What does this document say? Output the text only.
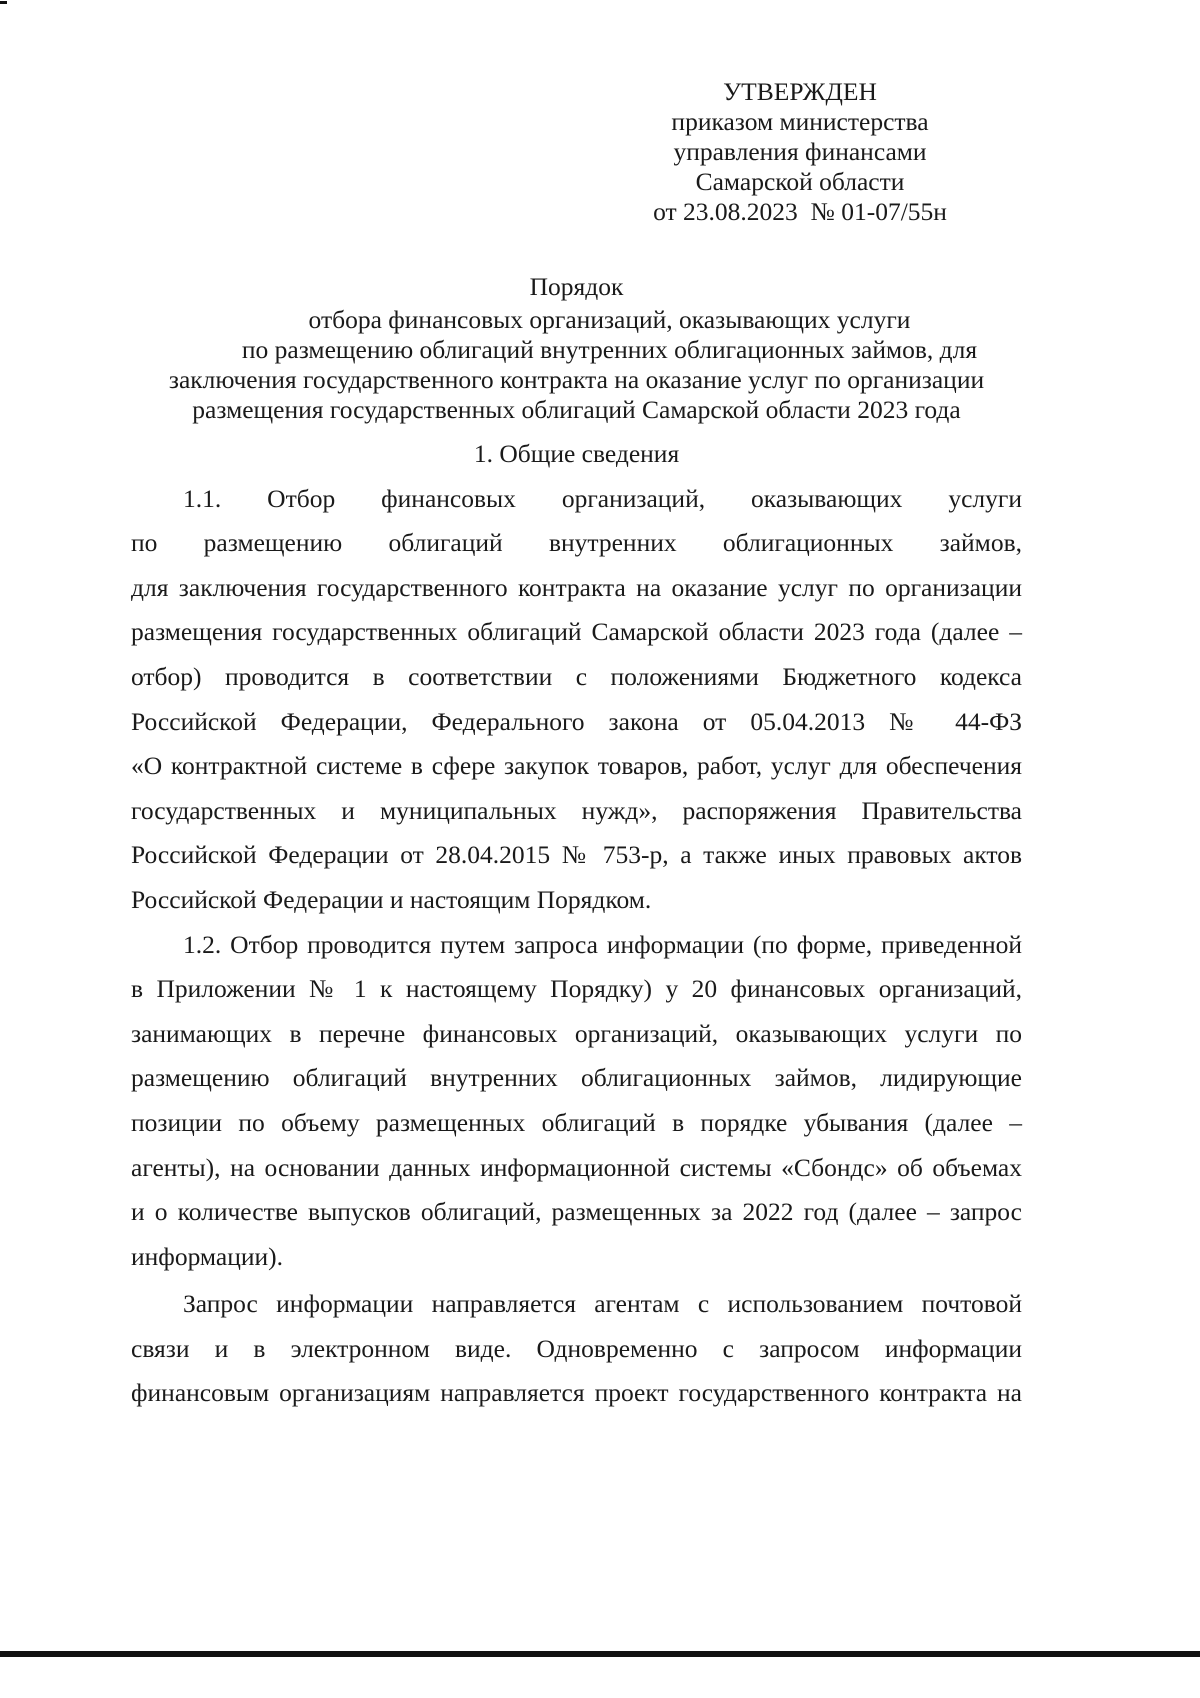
УТВЕРЖДЕН
приказом министерства
управления финансами
Самарской области
от 23.08.2023  № 01-07/55н
Порядок
отбора финансовых организаций, оказывающих услуги
по размещению облигаций внутренних облигационных займов, для
заключения государственного контракта на оказание услуг по организации
размещения государственных облигаций Самарской области 2023 года
1. Общие сведения
1.1. Отбор финансовых организаций, оказывающих услуги
по размещению облигаций внутренних облигационных займов,
для заключения государственного контракта на оказание услуг по организации
размещения государственных облигаций Самарской области 2023 года (далее –
отбор) проводится в соответствии с положениями Бюджетного кодекса
Российской Федерации, Федерального закона от 05.04.2013 № 44-ФЗ
«О контрактной системе в сфере закупок товаров, работ, услуг для обеспечения
государственных и муниципальных нужд», распоряжения Правительства
Российской Федерации от 28.04.2015 № 753-р, а также иных правовых актов
Российской Федерации и настоящим Порядком.
1.2. Отбор проводится путем запроса информации (по форме, приведенной
в Приложении № 1 к настоящему Порядку) у 20 финансовых организаций,
занимающих в перечне финансовых организаций, оказывающих услуги по
размещению облигаций внутренних облигационных займов, лидирующие
позиции по объему размещенных облигаций в порядке убывания (далее –
агенты), на основании данных информационной системы «Сбондс» об объемах
и о количестве выпусков облигаций, размещенных за 2022 год (далее – запрос
информации).
Запрос информации направляется агентам с использованием почтовой
связи и в электронном виде. Одновременно с запросом информации
финансовым организациям направляется проект государственного контракта на
